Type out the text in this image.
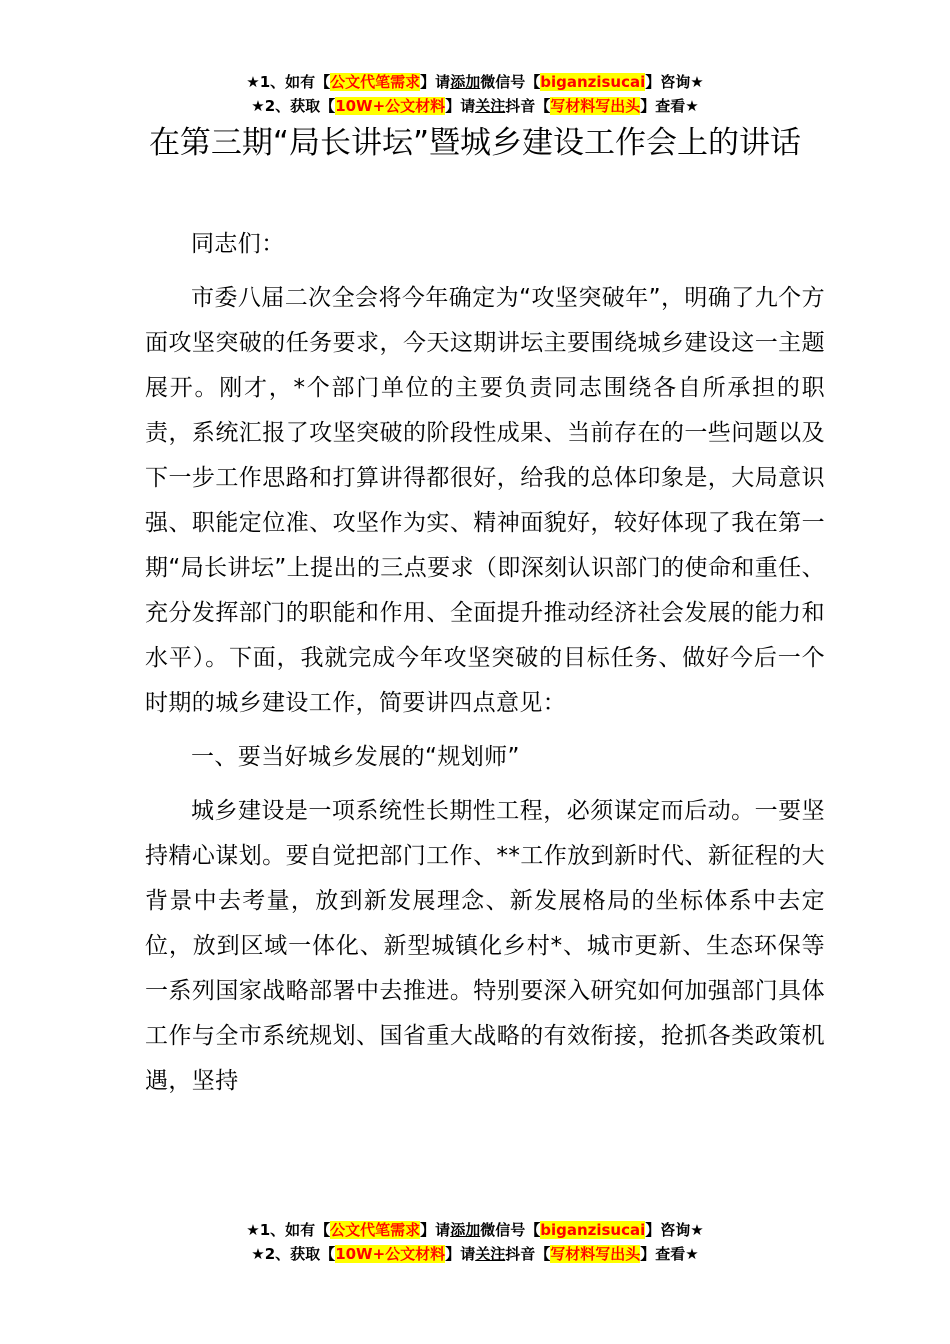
★1、如有【公文代笔需求】请添加微信号【biganzisucai】咨询★
★2、获取【10W+公文材料】请关注抖音【写材料写出头】查看★
在第三期“局长讲坛”暨城乡建设工作会上的讲话

同志们：

市委八届二次全会将今年确定为“攻坚突破年”，明确了九个方面攻坚突破的任务要求，今天这期讲坛主要围绕城乡建设这一主题展开。刚才，*个部门单位的主要负责同志围绕各自所承担的职责，系统汇报了攻坚突破的阶段性成果、当前存在的一些问题以及下一步工作思路和打算讲得都很好，给我的总体印象是，大局意识强、职能定位准、攻坚作为实、精神面貌好，较好体现了我在第一期“局长讲坛”上提出的三点要求（即深刻认识部门的使命和重任、充分发挥部门的职能和作用、全面提升推动经济社会发展的能力和水平）。下面，我就完成今年攻坚突破的目标任务、做好今后一个时期的城乡建设工作，简要讲四点意见：

一、要当好城乡发展的“规划师”

城乡建设是一项系统性长期性工程，必须谋定而后动。一要坚持精心谋划。要自觉把部门工作、**工作放到新时代、新征程的大背景中去考量，放到新发展理念、新发展格局的坐标体系中去定位，放到区域一体化、新型城镇化乡村*、城市更新、生态环保等一系列国家战略部署中去推进。特别要深入研究如何加强部门具体工作与全市系统规划、国省重大战略的有效衔接，抢抓各类政策机遇，坚持

★1、如有【公文代笔需求】请添加微信号【biganzisucai】咨询★
★2、获取【10W+公文材料】请关注抖音【写材料写出头】查看★
